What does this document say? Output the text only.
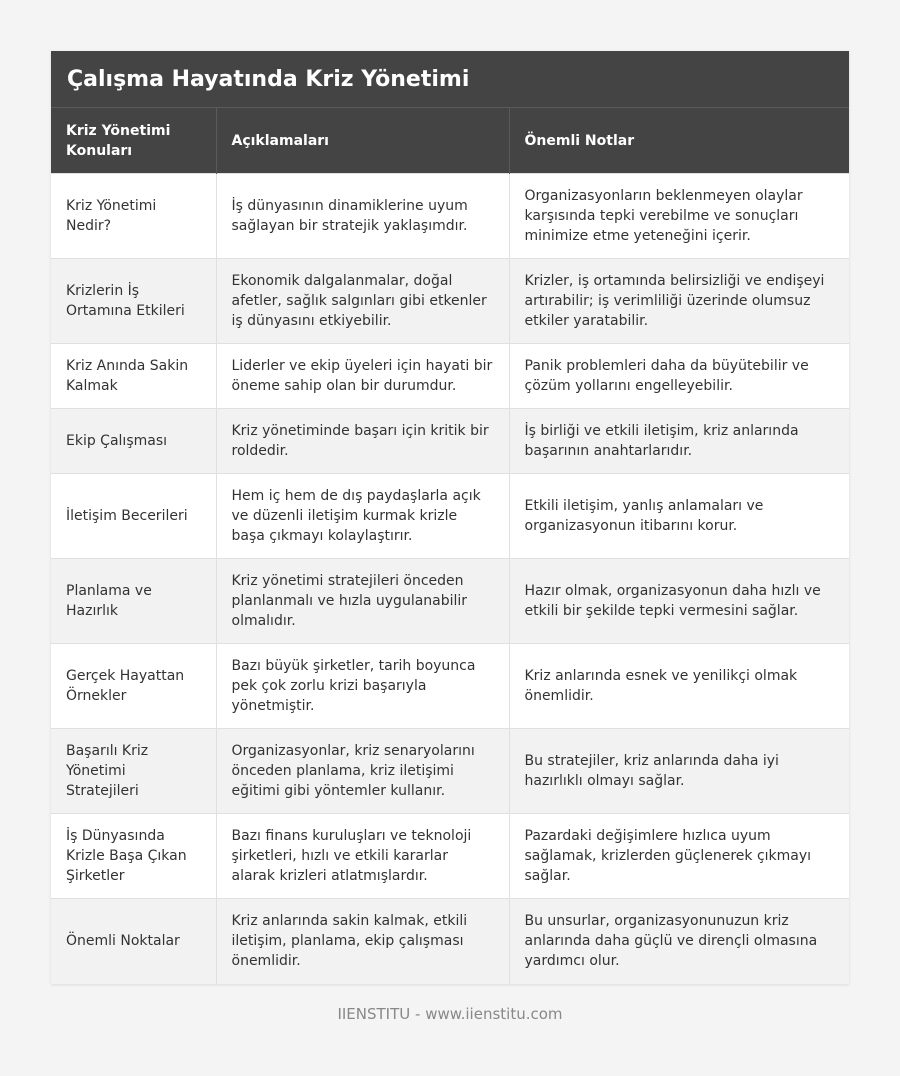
Çalışma Hayatında Kriz Yönetimi
Kriz Yönetimi Konuları	Açıklamaları	Önemli Notlar
Kriz Yönetimi Nedir?	İş dünyasının dinamiklerine uyum sağlayan bir stratejik yaklaşımdır.	Organizasyonların beklenmeyen olaylar karşısında tepki verebilme ve sonuçları minimize etme yeteneğini içerir.
Krizlerin İş Ortamına Etkileri	Ekonomik dalgalanmalar, doğal afetler, sağlık salgınları gibi etkenler iş dünyasını etkiyebilir.	Krizler, iş ortamında belirsizliği ve endişeyi artırabilir; iş verimliliği üzerinde olumsuz etkiler yaratabilir.
Kriz Anında Sakin Kalmak	Liderler ve ekip üyeleri için hayati bir öneme sahip olan bir durumdur.	Panik problemleri daha da büyütebilir ve çözüm yollarını engelleyebilir.
Ekip Çalışması	Kriz yönetiminde başarı için kritik bir roldedir.	İş birliği ve etkili iletişim, kriz anlarında başarının anahtarlarıdır.
İletişim Becerileri	Hem iç hem de dış paydaşlarla açık ve düzenli iletişim kurmak krizle başa çıkmayı kolaylaştırır.	Etkili iletişim, yanlış anlamaları ve organizasyonun itibarını korur.
Planlama ve Hazırlık	Kriz yönetimi stratejileri önceden planlanmalı ve hızla uygulanabilir olmalıdır.	Hazır olmak, organizasyonun daha hızlı ve etkili bir şekilde tepki vermesini sağlar.
Gerçek Hayattan Örnekler	Bazı büyük şirketler, tarih boyunca pek çok zorlu krizi başarıyla yönetmiştir.	Kriz anlarında esnek ve yenilikçi olmak önemlidir.
Başarılı Kriz Yönetimi Stratejileri	Organizasyonlar, kriz senaryolarını önceden planlama, kriz iletişimi eğitimi gibi yöntemler kullanır.	Bu stratejiler, kriz anlarında daha iyi hazırlıklı olmayı sağlar.
İş Dünyasında Krizle Başa Çıkan Şirketler	Bazı finans kuruluşları ve teknoloji şirketleri, hızlı ve etkili kararlar alarak krizleri atlatmışlardır.	Pazardaki değişimlere hızlıca uyum sağlamak, krizlerden güçlenerek çıkmayı sağlar.
Önemli Noktalar	Kriz anlarında sakin kalmak, etkili iletişim, planlama, ekip çalışması önemlidir.	Bu unsurlar, organizasyonunuzun kriz anlarında daha güçlü ve dirençli olmasına yardımcı olur.
IIENSTITU - www.iienstitu.com
